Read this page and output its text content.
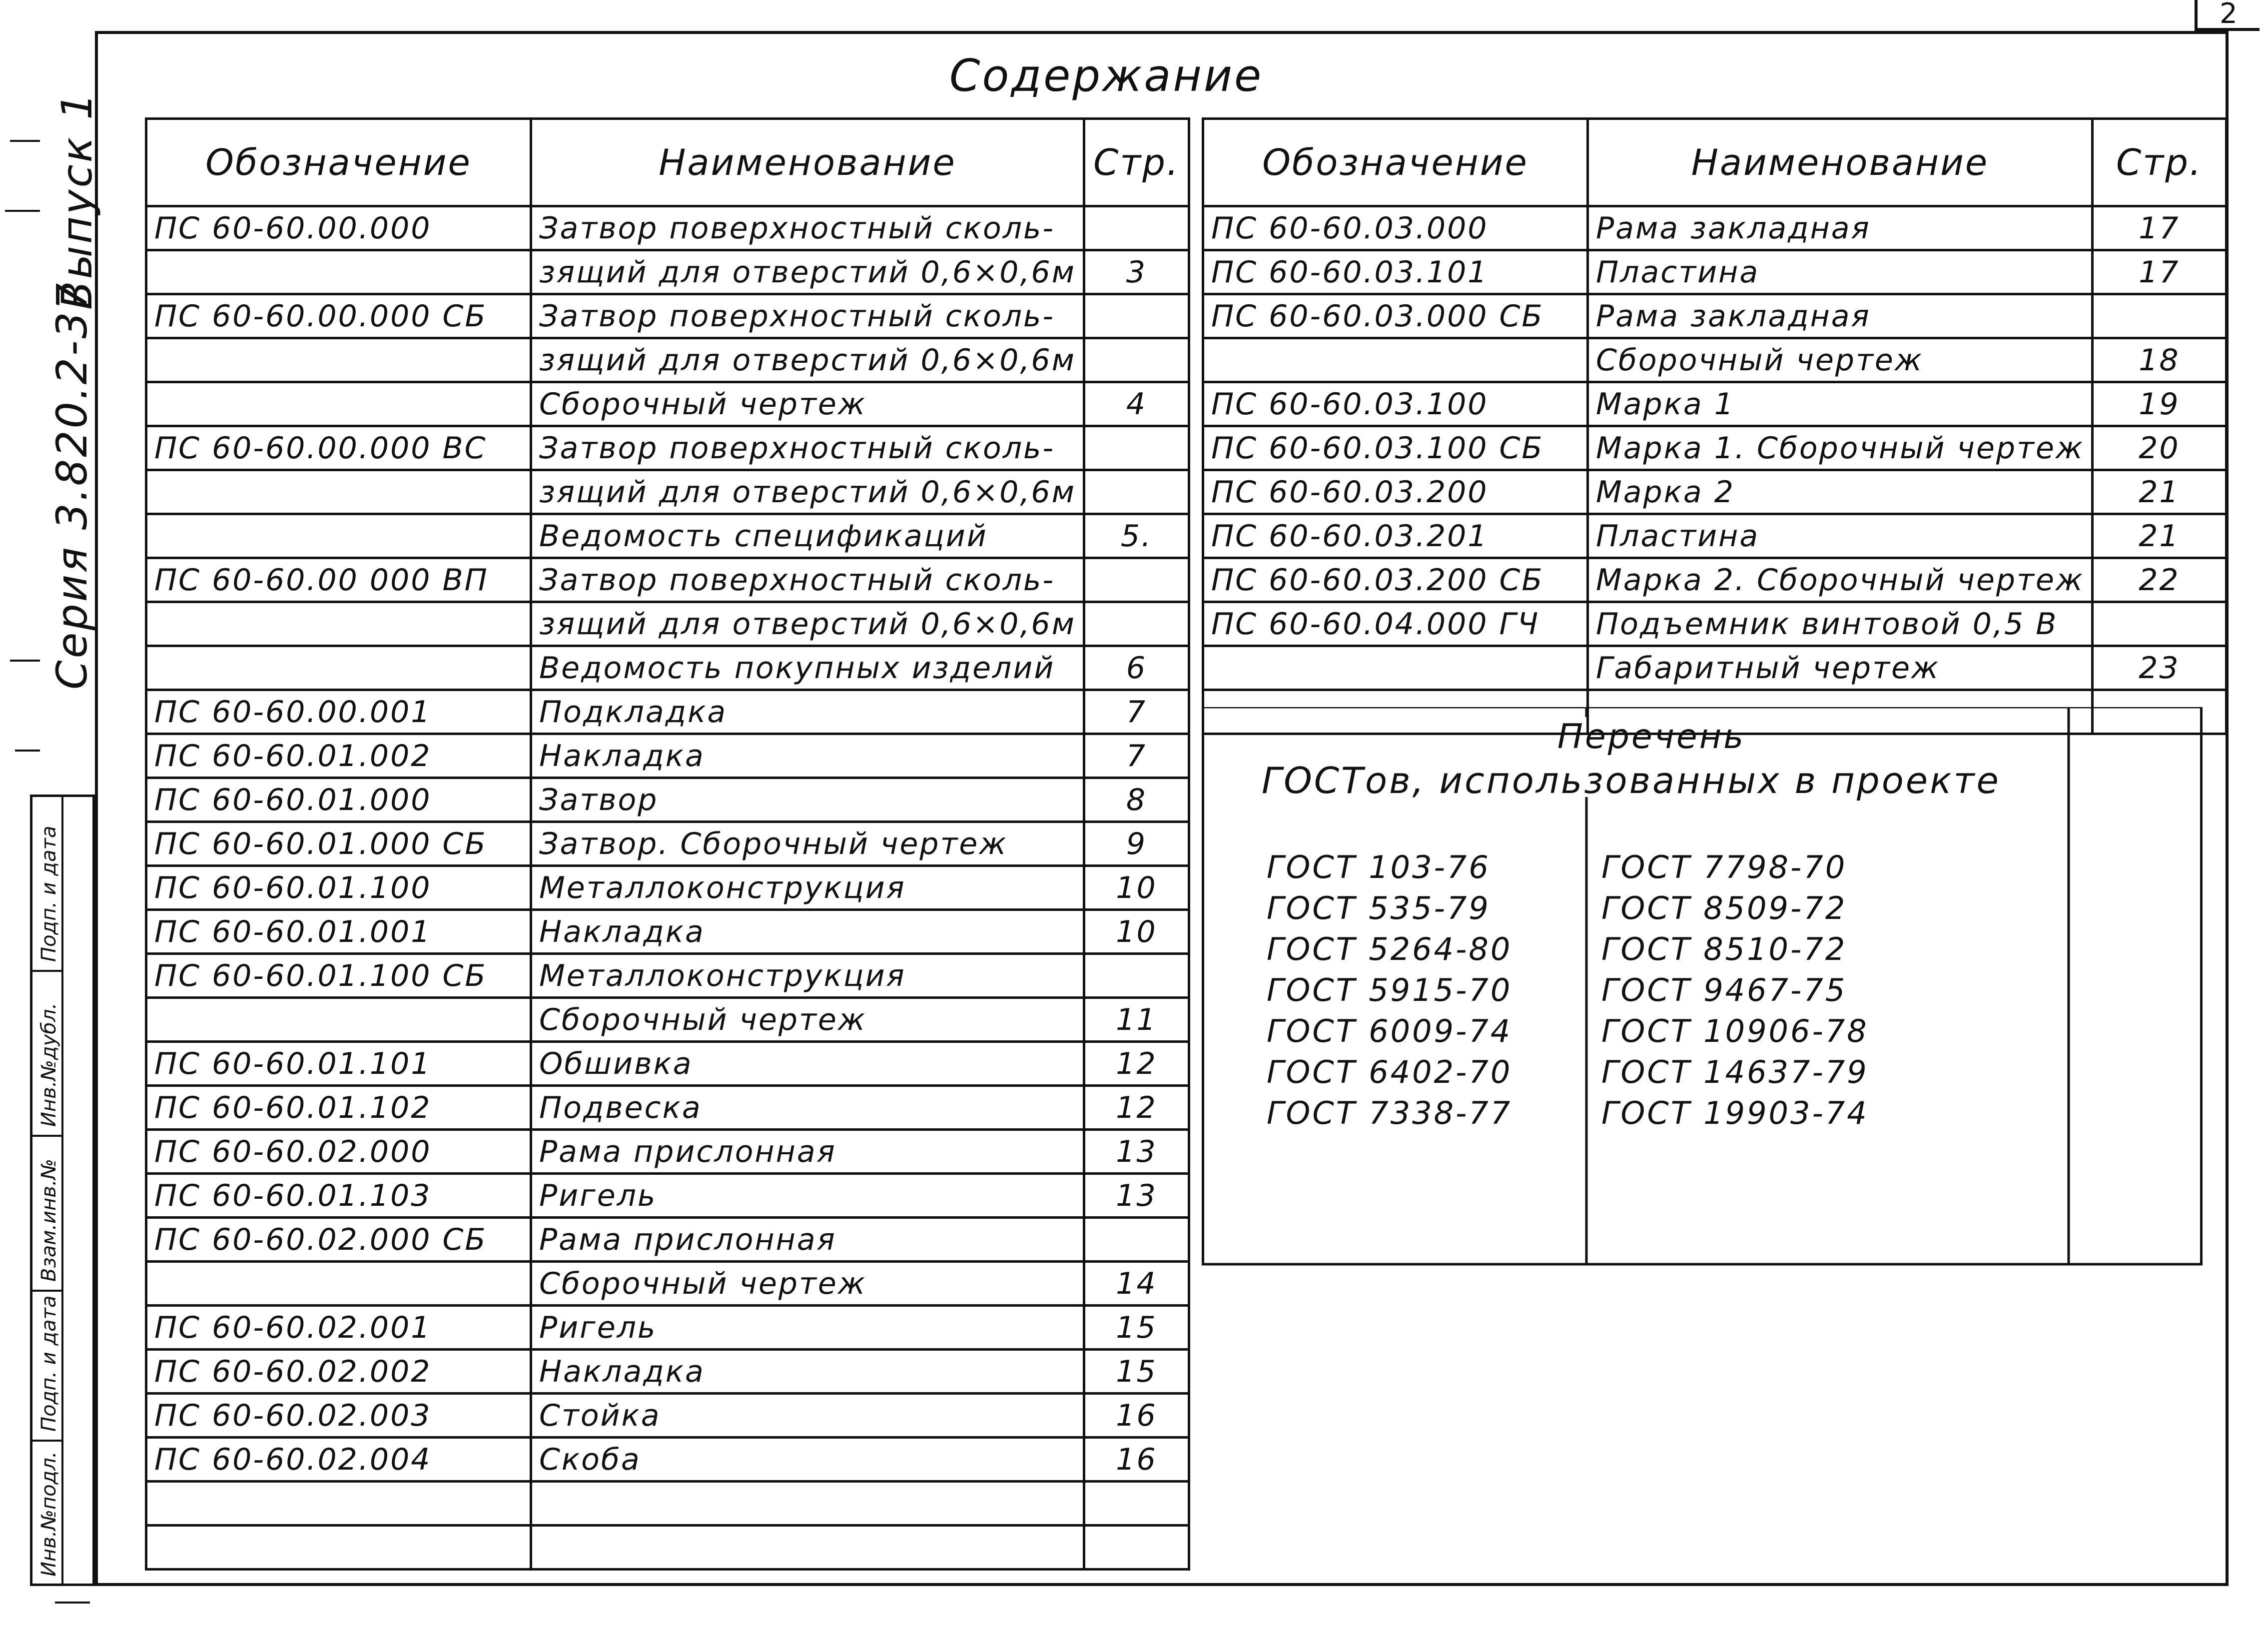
2
Содержание
Выпуск 1
Серия 3.820.2-37
Подп. и дата
Инв.№дубл.
Взам.инв.№
Подп. и дата
Инв.№подл.
Обозначение	Наименование	Стр.
ПС 60-60.00.000	Затвор поверхностный сколь-	
	зящий для отверстий 0,6×0,6м	3
ПС 60-60.00.000 СБ	Затвор поверхностный сколь-	
	зящий для отверстий 0,6×0,6м	
	Сборочный чертеж	4
ПС 60-60.00.000 ВС	Затвор поверхностный сколь-	
	зящий для отверстий 0,6×0,6м	
	Ведомость спецификаций	5.
ПС 60-60.00 000 ВП	Затвор поверхностный сколь-	
	зящий для отверстий 0,6×0,6м	
	Ведомость покупных изделий	6
ПС 60-60.00.001	Подкладка	7
ПС 60-60.01.002	Накладка	7
ПС 60-60.01.000	Затвор	8
ПС 60-60.01.000 СБ	Затвор. Сборочный чертеж	9
ПС 60-60.01.100	Металлоконструкция	10
ПС 60-60.01.001	Накладка	10
ПС 60-60.01.100 СБ	Металлоконструкция	
	Сборочный чертеж	11
ПС 60-60.01.101	Обшивка	12
ПС 60-60.01.102	Подвеска	12
ПС 60-60.02.000	Рама прислонная	13
ПС 60-60.01.103	Ригель	13
ПС 60-60.02.000 СБ	Рама прислонная	
	Сборочный чертеж	14
ПС 60-60.02.001	Ригель	15
ПС 60-60.02.002	Накладка	15
ПС 60-60.02.003	Стойка	16
ПС 60-60.02.004	Скоба	16

Обозначение	Наименование	Стр.
ПС 60-60.03.000	Рама закладная	17
ПС 60-60.03.101	Пластина	17
ПС 60-60.03.000 СБ	Рама закладная	
	Сборочный чертеж	18
ПС 60-60.03.100	Марка 1	19
ПС 60-60.03.100 СБ	Марка 1. Сборочный чертеж	20
ПС 60-60.03.200	Марка 2	21
ПС 60-60.03.201	Пластина	21
ПС 60-60.03.200 СБ	Марка 2. Сборочный чертеж	22
ПС 60-60.04.000 ГЧ	Подъемник винтовой 0,5 В	
	Габаритный чертеж	23

Перечень
ГОСТов, использованных в проекте
ГОСТ 103-76
ГОСТ 535-79
ГОСТ 5264-80
ГОСТ 5915-70
ГОСТ 6009-74
ГОСТ 6402-70
ГОСТ 7338-77
ГОСТ 7798-70
ГОСТ 8509-72
ГОСТ 8510-72
ГОСТ 9467-75
ГОСТ 10906-78
ГОСТ 14637-79
ГОСТ 19903-74
